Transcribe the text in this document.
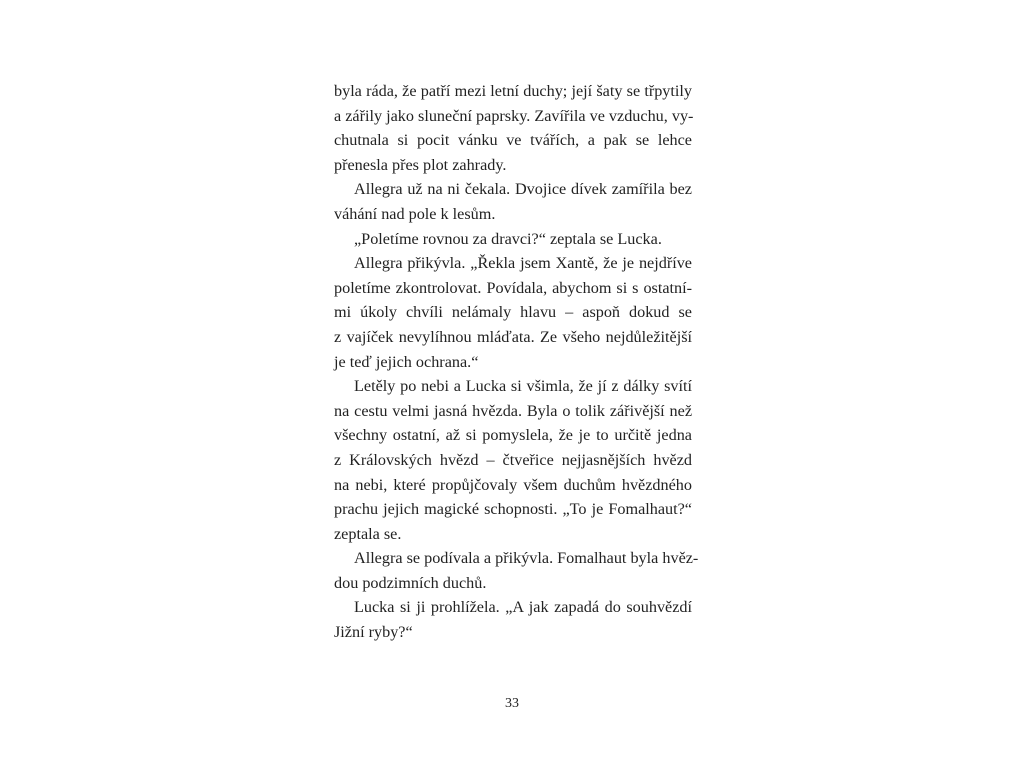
byla ráda, že patří mezi letní duchy; její šaty se třpytily
a zářily jako sluneční paprsky. Zavířila ve vzduchu, vy-
chutnala si pocit vánku ve tvářích, a pak se lehce
přenesla přes plot zahrady.
Allegra už na ni čekala. Dvojice dívek zamířila bez
váhání nad pole k lesům.
„Poletíme rovnou za dravci?“ zeptala se Lucka.
Allegra přikývla. „Řekla jsem Xantě, že je nejdříve
poletíme zkontrolovat. Povídala, abychom si s ostatní-
mi úkoly chvíli nelámaly hlavu – aspoň dokud se
z vajíček nevylíhnou mláďata. Ze všeho nejdůležitější
je teď jejich ochrana.“
Letěly po nebi a Lucka si všimla, že jí z dálky svítí
na cestu velmi jasná hvězda. Byla o tolik zářivější než
všechny ostatní, až si pomyslela, že je to určitě jedna
z Královských hvězd – čtveřice nejjasnějších hvězd
na nebi, které propůjčovaly všem duchům hvězdného
prachu jejich magické schopnosti. „To je Fomalhaut?“
zeptala se.
Allegra se podívala a přikývla. Fomalhaut byla hvěz-
dou podzimních duchů.
Lucka si ji prohlížela. „A jak zapadá do souhvězdí
Jižní ryby?“
33
